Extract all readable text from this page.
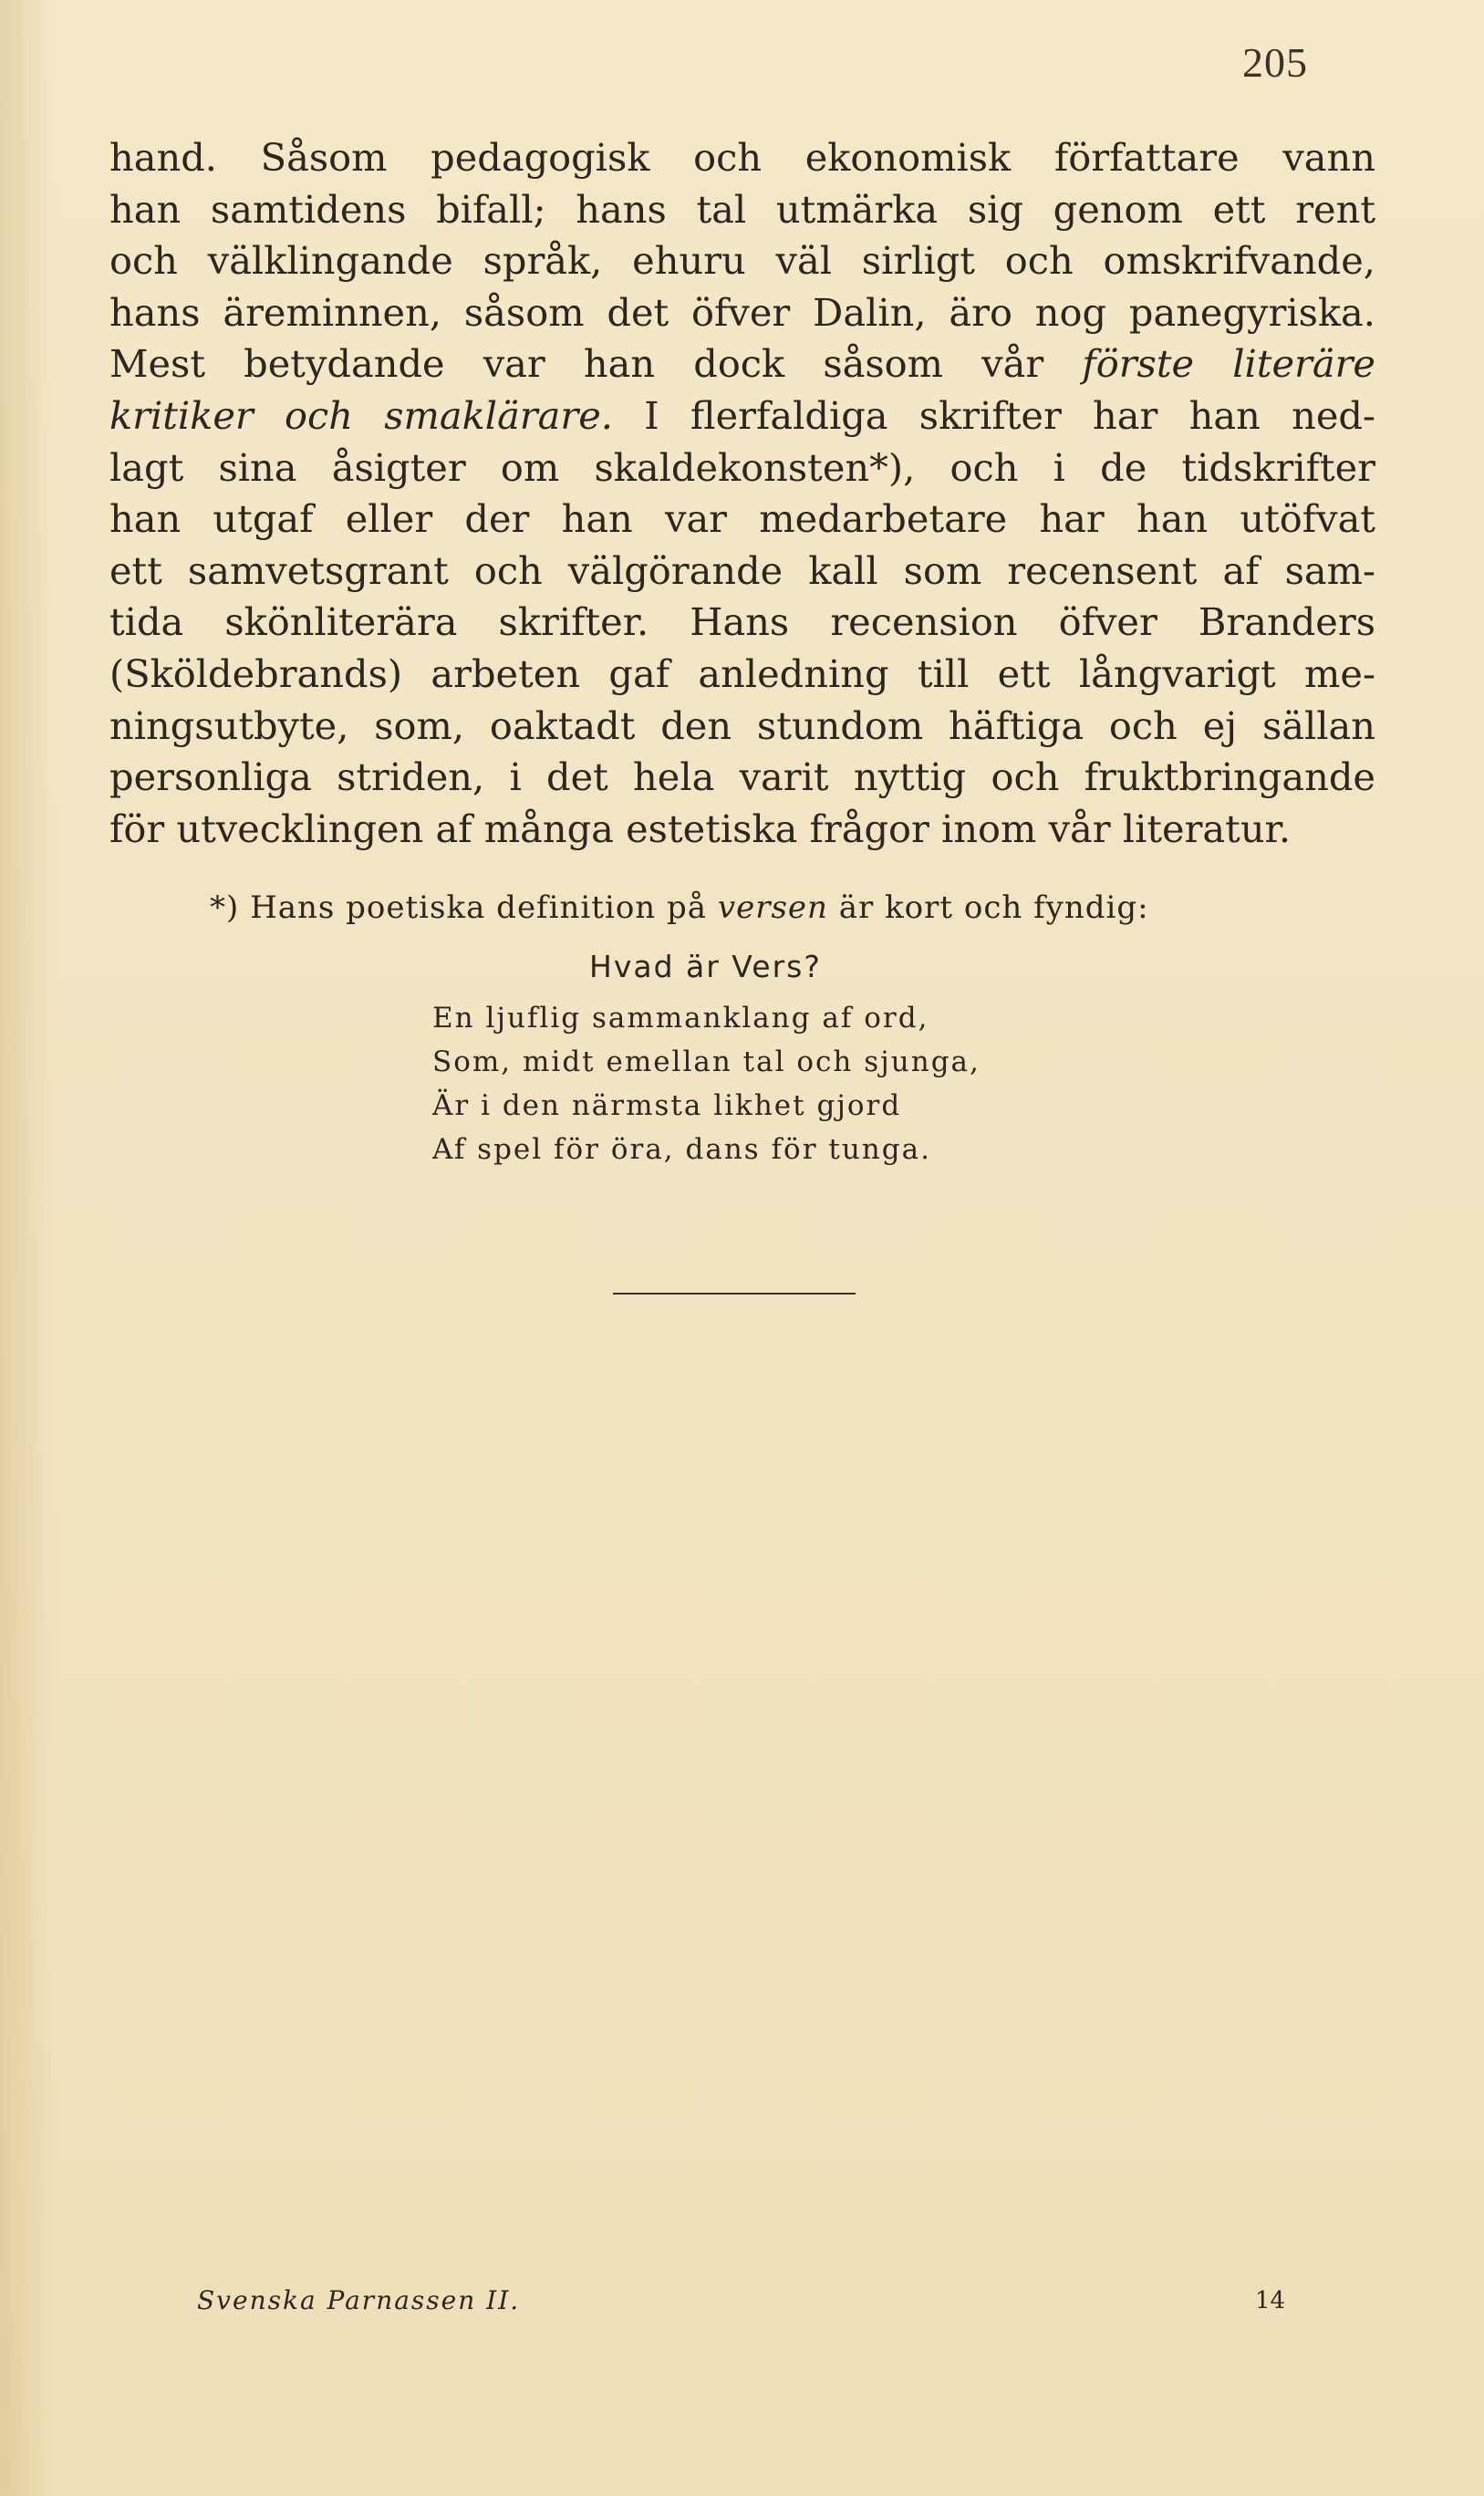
205
hand. Såsom pedagogisk och ekonomisk författare vann
han samtidens bifall; hans tal utmärka sig genom ett rent
och välklingande språk, ehuru väl sirligt och omskrifvande,
hans äreminnen, såsom det öfver Dalin, äro nog panegyriska.
Mest betydande var han dock såsom vår förste literäre
kritiker och smaklärare. I flerfaldiga skrifter har han ned-
lagt sina åsigter om skaldekonsten*), och i de tidskrifter
han utgaf eller der han var medarbetare har han utöfvat
ett samvetsgrant och välgörande kall som recensent af sam-
tida skönliterära skrifter. Hans recension öfver Branders
(Sköldebrands) arbeten gaf anledning till ett långvarigt me-
ningsutbyte, som, oaktadt den stundom häftiga och ej sällan
personliga striden, i det hela varit nyttig och fruktbringande
för utvecklingen af många estetiska frågor inom vår literatur.
*) Hans poetiska definition på versen är kort och fyndig:
Hvad är Vers?
En ljuflig sammanklang af ord,
Som, midt emellan tal och sjunga,
Är i den närmsta likhet gjord
Af spel för öra, dans för tunga.
Svenska Parnassen II.	14
